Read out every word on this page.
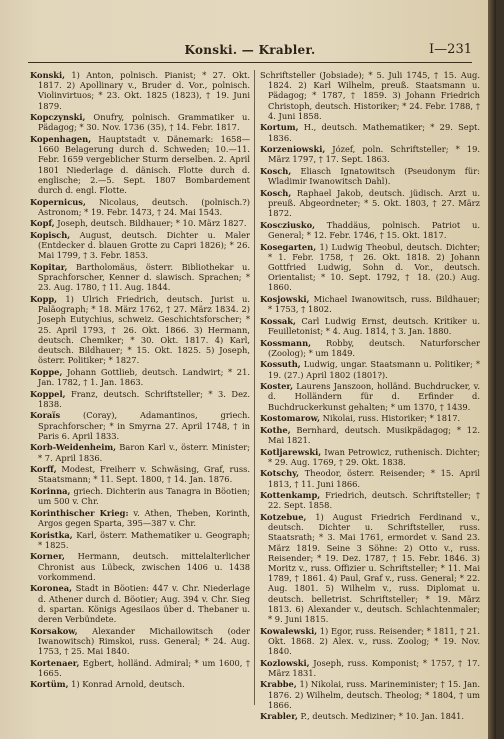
Konski. — Krabler.	I—231

Konski, 1) Anton, polnisch. Pianist; * 27. Okt. 1817. 2) Apollinary v., Bruder d. Vor., polnisch. Violinvirtuos; * 23. Okt. 1825 (1823), † 19. Juni 1879.

Kopczynski, Onufry, polnisch. Grammatiker u. Pädagog; * 30. Nov. 1736 (35), † 14. Febr. 1817.

Kopenhagen, Hauptstadt v. Dänemark: 1658—1660 Belagerung durch d. Schweden; 10.—11. Febr. 1659 vergeblicher Sturm derselben. 2. April 1801 Niederlage d. dänisch. Flotte durch d. englische; 2.—5. Sept. 1807 Bombardement durch d. engl. Flotte.

Kopernicus, Nicolaus, deutsch. (polnisch.?) Astronom; * 19. Febr. 1473, † 24. Mai 1543.

Kopf, Joseph, deutsch. Bildhauer; * 10. März 1827.

Kopisch, August, deutsch. Dichter u. Maler (Entdecker d. blauen Grotte zu Capri 1826); * 26. Mai 1799, † 3. Febr. 1853.

Kopitar, Bartholomäus, österr. Bibliothekar u. Sprachforscher, Kenner d. slawisch. Sprachen; * 23. Aug. 1780, † 11. Aug. 1844.

Kopp, 1) Ulrich Friedrich, deutsch. Jurist u. Paläograph; * 18. März 1762, † 27. März 1834. 2) Joseph Eutychius, schweiz. Geschichtsforscher; * 25. April 1793, † 26. Okt. 1866. 3) Hermann, deutsch. Chemiker; * 30. Okt. 1817. 4) Karl, deutsch. Bildhauer; * 15. Okt. 1825. 5) Joseph, österr. Politiker; * 1827.

Koppe, Johann Gottlieb, deutsch. Landwirt; * 21. Jan. 1782, † 1. Jan. 1863.

Koppel, Franz, deutsch. Schriftsteller; * 3. Dez. 1838.

Koraïs (Coray), Adamantinos, griech. Sprachforscher; * in Smyrna 27. April 1748, † in Paris 6. April 1833.

Korb-Weidenheim, Baron Karl v., österr. Minister; * 7. April 1836.

Korff, Modest, Freiherr v. Schwäsing, Graf, russ. Staatsmann; * 11. Sept. 1800, † 14. Jan. 1876.

Korinna, griech. Dichterin aus Tanagra in Böotien; um 500 v. Chr.

Korinthischer Krieg: v. Athen, Theben, Korinth, Argos gegen Sparta, 395—387 v. Chr.

Koristka, Karl, österr. Mathematiker u. Geograph; * 1825.

Korner, Hermann, deutsch. mittelalterlicher Chronist aus Lübeck, zwischen 1406 u. 1438 vorkommend.

Koronea, Stadt in Böotien: 447 v. Chr. Niederlage d. Athener durch d. Böotier; Aug. 394 v. Chr. Sieg d. spartan. Königs Agesilaos über d. Thebaner u. deren Verbündete.

Korsakow, Alexander Michailowitsch (oder Iwanowitsch) Rimskoi, russ. General; * 24. Aug. 1753, † 25. Mai 1840.

Kortenaer, Egbert, holländ. Admiral; * um 1600, † 1665.

Kortüm, 1) Konrad Arnold, deutsch.

Schriftsteller (Jobsiade); * 5. Juli 1745, † 15. Aug. 1824. 2) Karl Wilhelm, preuß. Staatsmann u. Pädagog; * 1787, † 1859. 3) Johann Friedrich Christoph, deutsch. Historiker; * 24. Febr. 1788, † 4. Juni 1858.

Kortum, H., deutsch. Mathematiker; * 29. Sept. 1836.

Korzeniowski, Józef, poln. Schriftsteller; * 19. März 1797, † 17. Sept. 1863.

Kosch, Eliasch Ignatowitsch (Pseudonym für: Wladimir Iwanowitsch Dahl).

Kosch, Raphael Jakob, deutsch. jüdisch. Arzt u. preuß. Abgeordneter; * 5. Okt. 1803, † 27. März 1872.

Koscziusko, Thaddäus, polnisch. Patriot u. General; * 12. Febr. 1746, † 15. Okt. 1817.

Kosegarten, 1) Ludwig Theobul, deutsch. Dichter; * 1. Febr. 1758, † 26. Okt. 1818. 2) Johann Gottfried Ludwig, Sohn d. Vor., deutsch. Orientalist; * 10. Sept. 1792, † 18. (20.) Aug. 1860.

Kosjowski, Michael Iwanowitsch, russ. Bildhauer; * 1753, † 1802.

Kossak, Carl Ludwig Ernst, deutsch. Kritiker u. Feuilletonist; * 4. Aug. 1814, † 3. Jan. 1880.

Kossmann, Robby, deutsch. Naturforscher (Zoolog); * um 1849.

Kossuth, Ludwig, ungar. Staatsmann u. Politiker; * 19. (27.) April 1802 (1801?).

Koster, Laurens Janszoon, holländ. Buchdrucker, v. d. Holländern für d. Erfinder d. Buchdruckerkunst gehalten; * um 1370, † 1439.

Kostomarow, Nikolai, russ. Historiker; * 1817.

Kothe, Bernhard, deutsch. Musikpädagog; * 12. Mai 1821.

Kotljarewski, Iwan Petrowicz, ruthenisch. Dichter; * 29. Aug. 1769, † 29. Okt. 1838.

Kotschy, Theodor, österr. Reisender; * 15. April 1813, † 11. Juni 1866.

Kottenkamp, Friedrich, deutsch. Schriftsteller; † 22. Sept. 1858.

Kotzebue, 1) August Friedrich Ferdinand v., deutsch. Dichter u. Schriftsteller, russ. Staatsrath; * 3. Mai 1761, ermordet v. Sand 23. März 1819. Seine 3 Söhne: 2) Otto v., russ. Reisender; * 19. Dez. 1787, † 15. Febr. 1846. 3) Moritz v., russ. Offizier u. Schriftsteller; * 11. Mai 1789, † 1861. 4) Paul, Graf v., russ. General; * 22. Aug. 1801. 5) Wilhelm v., russ. Diplomat u. deutsch. belletrist. Schriftsteller; * 19. März 1813. 6) Alexander v., deutsch. Schlachtenmaler; * 9. Juni 1815.

Kowalewski, 1) Egor, russ. Reisender; * 1811, † 21. Okt. 1868. 2) Alex. v., russ. Zoolog; * 19. Nov. 1840.

Kozlowski, Joseph, russ. Komponist; * 1757, † 17. März 1831.

Krabbe, 1) Nikolai, russ. Marineminister; † 15. Jan. 1876. 2) Wilhelm, deutsch. Theolog; * 1804, † um 1866.

Krabler, P., deutsch. Mediziner; * 10. Jan. 1841.
